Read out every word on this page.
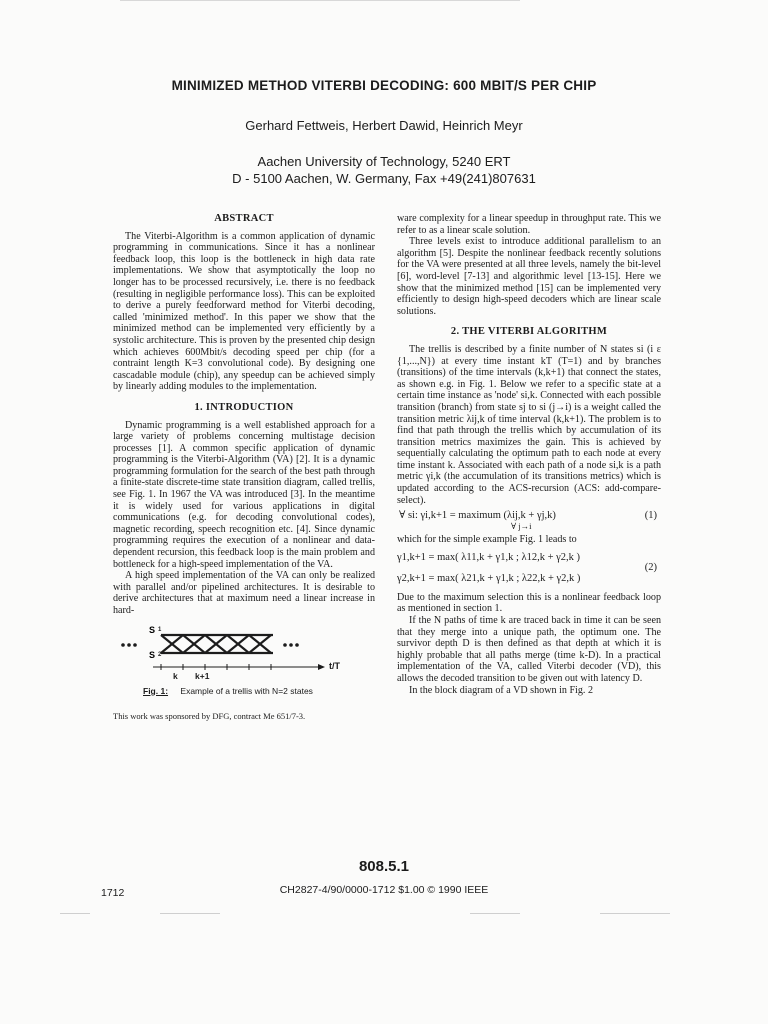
MINIMIZED METHOD VITERBI DECODING: 600 MBIT/S PER CHIP
Gerhard Fettweis, Herbert Dawid, Heinrich Meyr
Aachen University of Technology, 5240 ERT
D - 5100 Aachen, W. Germany, Fax +49(241)807631
ABSTRACT

The Viterbi-Algorithm is a common application of dynamic programming in communications. Since it has a nonlinear feedback loop, this loop is the bottleneck in high data rate implementations. We show that asymptotically the loop no longer has to be processed recursively, i.e. there is no feedback (resulting in negligible performance loss). This can be exploited to derive a purely feedforward method for Viterbi decoding, called 'minimized method'. In this paper we show that the minimized method can be implemented very efficiently by a systolic architecture. This is proven by the presented chip design which achieves 600Mbit/s decoding speed per chip (for a contraint length K=3 convolutional code). By designing one cascadable module (chip), any speedup can be achieved simply by linearly adding modules to the implementation.

1. INTRODUCTION

Dynamic programming is a well established approach for a large variety of problems concerning multistage decision processes [1]. A common specific application of dynamic programming is the Viterbi-Algorithm (VA) [2]. It is a dynamic programming formulation for the search of the best path through a finite-state discrete-time state transition diagram, called trellis, see Fig. 1. In 1967 the VA was introduced [3]. In the meantime it is widely used for various applications in digital communications (e.g. for decoding convolutional codes), magnetic recording, speech recognition etc. [4]. Since dynamic programming requires the execution of a nonlinear and data-dependent recursion, this feedback loop is the main problem and bottleneck for a high-speed implementation of the VA.

A high speed implementation of the VA can only be realized with parallel and/or pipelined architectures. It is desirable to derive architectures that at maximum need a linear increase in hard-

S
S
1
2
t/T
k k+1
Fig. 1: Example of a trellis with N=2 states
This work was sponsored by DFG, contract Me 651/7-3.

ware complexity for a linear speedup in throughput rate. This we refer to as a linear scale solution.

Three levels exist to introduce additional parallelism to an algorithm [5]. Despite the nonlinear feedback recently solutions for the VA were presented at all three levels, namely the bit-level [6], word-level [7-13] and algorithmic level [13-15]. Here we show that the minimized method [15] can be implemented very efficiently to design high-speed decoders which are linear scale solutions.

2. THE VITERBI ALGORITHM

The trellis is described by a finite number of N states si (i ε {1,...,N}) at every time instant kT (T=1) and by branches (transitions) of the time intervals (k,k+1) that connect the states, as shown e.g. in Fig. 1. Below we refer to a specific state at a certain time instance as 'node' si,k. Connected with each possible transition (branch) from state sj to si (j→i) is a weight called the transition metric λij,k of time interval (k,k+1). The problem is to find that path through the trellis which by accumulation of its transition metrics maximizes the gain. This is achieved by sequentially calculating the optimum path to each node at every time instant k. Associated with each path of a node si,k is a path metric γi,k (the accumulation of its transitions metrics) which is updated according to the ACS-recursion (ACS: add-compare-select).

∀ si: γi,k+1 = maximum (λij,k + γj,k)
∀ j→i
(1)

which for the simple example Fig. 1 leads to

γ1,k+1 = max( λ11,k + γ1,k ; λ12,k + γ2,k )
γ2,k+1 = max( λ21,k + γ1,k ; λ22,k + γ2,k )
(2)

Due to the maximum selection this is a nonlinear feedback loop as mentioned in section 1.

If the N paths of time k are traced back in time it can be seen that they merge into a unique path, the optimum one. The survivor depth D is then defined as that depth at which it is highly probable that all paths merge (time k-D). In a practical implementation of the VA, called Viterbi decoder (VD), this allows the decoded transition to be given out with latency D.

In the block diagram of a VD shown in Fig. 2

808.5.1
1712	CH2827-4/90/0000-1712 $1.00 © 1990 IEEE
